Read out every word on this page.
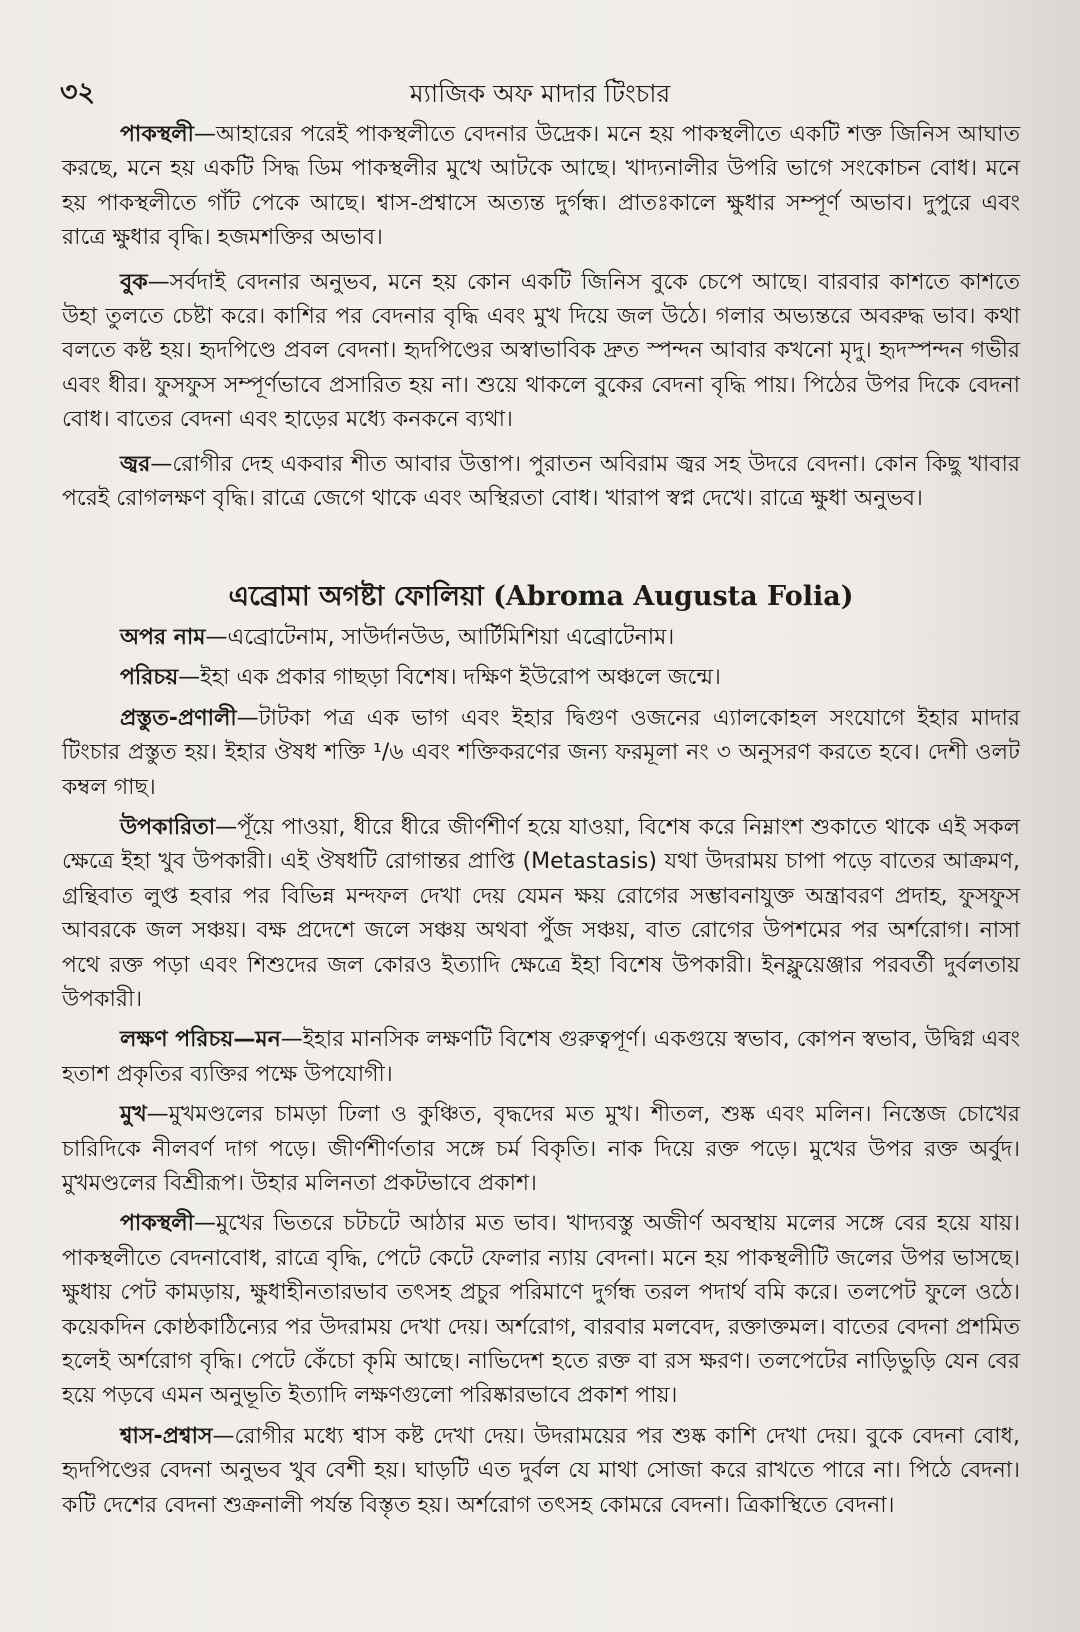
৩২	ম্যাজিক অফ মাদার টিংচার

পাকস্থলী—আহারের পরেই পাকস্থলীতে বেদনার উদ্রেক। মনে হয় পাকস্থলীতে একটি শক্ত জিনিস আঘাত করছে, মনে হয় একটি সিদ্ধ ডিম পাকস্থলীর মুখে আটকে আছে। খাদ্যনালীর উপরি ভাগে সংকোচন বোধ। মনে হয় পাকস্থলীতে গাঁট পেকে আছে। শ্বাস-প্রশ্বাসে অত্যন্ত দুর্গন্ধ। প্রাতঃকালে ক্ষুধার সম্পূর্ণ অভাব। দুপুরে এবং রাত্রে ক্ষুধার বৃদ্ধি। হজমশক্তির অভাব।

বুক—সর্বদাই বেদনার অনুভব, মনে হয় কোন একটি জিনিস বুকে চেপে আছে। বারবার কাশতে কাশতে উহা তুলতে চেষ্টা করে। কাশির পর বেদনার বৃদ্ধি এবং মুখ দিয়ে জল উঠে। গলার অভ্যন্তরে অবরুদ্ধ ভাব। কথা বলতে কষ্ট হয়। হৃদপিণ্ডে প্রবল বেদনা। হৃদপিণ্ডের অস্বাভাবিক দ্রুত স্পন্দন আবার কখনো মৃদু। হৃদস্পন্দন গভীর এবং ধীর। ফুসফুস সম্পূর্ণভাবে প্রসারিত হয় না। শুয়ে থাকলে বুকের বেদনা বৃদ্ধি পায়। পিঠের উপর দিকে বেদনা বোধ। বাতের বেদনা এবং হাড়ের মধ্যে কনকনে ব্যথা।

জ্বর—রোগীর দেহ একবার শীত আবার উত্তাপ। পুরাতন অবিরাম জ্বর সহ উদরে বেদনা। কোন কিছু খাবার পরেই রোগলক্ষণ বৃদ্ধি। রাত্রে জেগে থাকে এবং অস্থিরতা বোধ। খারাপ স্বপ্ন দেখে। রাত্রে ক্ষুধা অনুভব।

এব্রোমা অগষ্টা ফোলিয়া (Abroma Augusta Folia)

অপর নাম—এব্রোটেনাম, সাউর্দানউড, আর্টিমিশিয়া এব্রোটেনাম।

পরিচয়—ইহা এক প্রকার গাছড়া বিশেষ। দক্ষিণ ইউরোপ অঞ্চলে জন্মে।

প্রস্তুত-প্রণালী—টাটকা পত্র এক ভাগ এবং ইহার দ্বিগুণ ওজনের এ্যালকোহল সংযোগে ইহার মাদার টিংচার প্রস্তুত হয়। ইহার ঔষধ শক্তি ¹/৬ এবং শক্তিকরণের জন্য ফরমূলা নং ৩ অনুসরণ করতে হবে। দেশী ওলট কম্বল গাছ।

উপকারিতা—পূঁয়ে পাওয়া, ধীরে ধীরে জীর্ণশীর্ণ হয়ে যাওয়া, বিশেষ করে নিম্নাংশ শুকাতে থাকে এই সকল ক্ষেত্রে ইহা খুব উপকারী। এই ঔষধটি রোগান্তর প্রাপ্তি (Metastasis) যথা উদরাময় চাপা পড়ে বাতের আক্রমণ, গ্রন্থিবাত লুপ্ত হবার পর বিভিন্ন মন্দফল দেখা দেয় যেমন ক্ষয় রোগের সম্ভাবনাযুক্ত অন্ত্রাবরণ প্রদাহ, ফুসফুস আবরকে জল সঞ্চয়। বক্ষ প্রদেশে জলে সঞ্চয় অথবা পুঁজ সঞ্চয়, বাত রোগের উপশমের পর অর্শরোগ। নাসা পথে রক্ত পড়া এবং শিশুদের জল কোরও ইত্যাদি ক্ষেত্রে ইহা বিশেষ উপকারী। ইনফ্লুয়েঞ্জার পরবর্তী দুর্বলতায় উপকারী।

লক্ষণ পরিচয়—মন—ইহার মানসিক লক্ষণটি বিশেষ গুরুত্বপূর্ণ। একগুয়ে স্বভাব, কোপন স্বভাব, উদ্বিগ্ন এবং হতাশ প্রকৃতির ব্যক্তির পক্ষে উপযোগী।

মুখ—মুখমণ্ডলের চামড়া ঢিলা ও কুঞ্চিত, বৃদ্ধদের মত মুখ। শীতল, শুষ্ক এবং মলিন। নিস্তেজ চোখের চারিদিকে নীলবর্ণ দাগ পড়ে। জীর্ণশীর্ণতার সঙ্গে চর্ম বিকৃতি। নাক দিয়ে রক্ত পড়ে। মুখের উপর রক্ত অর্বুদ। মুখমণ্ডলের বিশ্রীরূপ। উহার মলিনতা প্রকটভাবে প্রকাশ।

পাকস্থলী—মুখের ভিতরে চটচটে আঠার মত ভাব। খাদ্যবস্তু অজীর্ণ অবস্থায় মলের সঙ্গে বের হয়ে যায়। পাকস্থলীতে বেদনাবোধ, রাত্রে বৃদ্ধি, পেটে কেটে ফেলার ন্যায় বেদনা। মনে হয় পাকস্থলীটি জলের উপর ভাসছে। ক্ষুধায় পেট কামড়ায়, ক্ষুধাহীনতারভাব তৎসহ প্রচুর পরিমাণে দুর্গন্ধ তরল পদার্থ বমি করে। তলপেট ফুলে ওঠে। কয়েকদিন কোষ্ঠকাঠিন্যের পর উদরাময় দেখা দেয়। অর্শরোগ, বারবার মলবেদ, রক্তাক্তমল। বাতের বেদনা প্রশমিত হলেই অর্শরোগ বৃদ্ধি। পেটে কেঁচো কৃমি আছে। নাভিদেশ হতে রক্ত বা রস ক্ষরণ। তলপেটের নাড়িভুড়ি যেন বের হয়ে পড়বে এমন অনুভূতি ইত্যাদি লক্ষণগুলো পরিষ্কারভাবে প্রকাশ পায়।

শ্বাস-প্রশ্বাস—রোগীর মধ্যে শ্বাস কষ্ট দেখা দেয়। উদরাময়ের পর শুষ্ক কাশি দেখা দেয়। বুকে বেদনা বোধ, হৃদপিণ্ডের বেদনা অনুভব খুব বেশী হয়। ঘাড়টি এত দুর্বল যে মাথা সোজা করে রাখতে পারে না। পিঠে বেদনা। কটি দেশের বেদনা শুক্রনালী পর্যন্ত বিস্তৃত হয়। অর্শরোগ তৎসহ কোমরে বেদনা। ত্রিকাস্থিতে বেদনা।
